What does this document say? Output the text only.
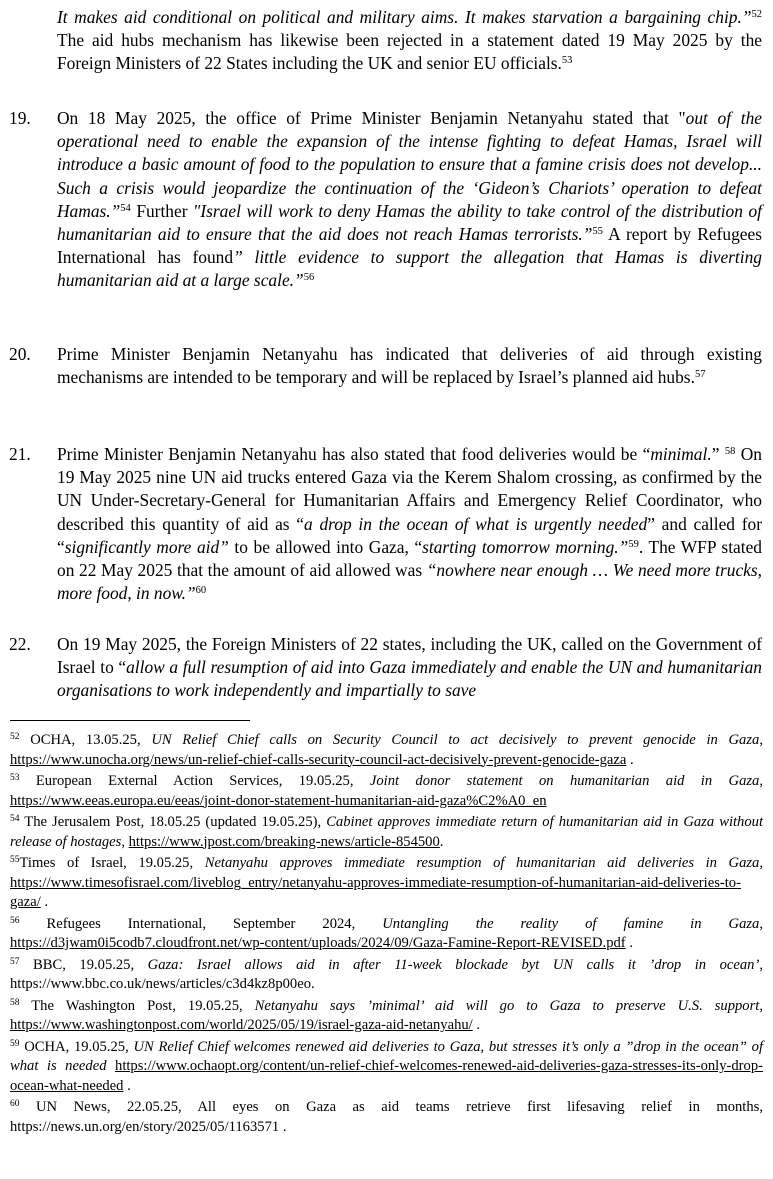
It makes aid conditional on political and military aims. It makes starvation a bargaining chip.”$^{52}$ The aid hubs mechanism has likewise been rejected in a statement dated 19 May 2025 by the Foreign Ministers of 22 States including the UK and senior EU officials.$^{53}$
19. On 18 May 2025, the office of Prime Minister Benjamin Netanyahu stated that "out of the operational need to enable the expansion of the intense fighting to defeat Hamas, Israel will introduce a basic amount of food to the population to ensure that a famine crisis does not develop... Such a crisis would jeopardize the continuation of the ‘Gideon’s Chariots’ operation to defeat Hamas.”$^{54}$ Further "Israel will work to deny Hamas the ability to take control of the distribution of humanitarian aid to ensure that the aid does not reach Hamas terrorists.”$^{55}$ A report by Refugees International has found” little evidence to support the allegation that Hamas is diverting humanitarian aid at a large scale.”$^{56}$
20. Prime Minister Benjamin Netanyahu has indicated that deliveries of aid through existing mechanisms are intended to be temporary and will be replaced by Israel’s planned aid hubs.$^{57}$
21. Prime Minister Benjamin Netanyahu has also stated that food deliveries would be “minimal.” $^{58}$ On 19 May 2025 nine UN aid trucks entered Gaza via the Kerem Shalom crossing, as confirmed by the UN Under-Secretary-General for Humanitarian Affairs and Emergency Relief Coordinator, who described this quantity of aid as “a drop in the ocean of what is urgently needed” and called for “significantly more aid” to be allowed into Gaza, “starting tomorrow morning.”$^{59}$. The WFP stated on 22 May 2025 that the amount of aid allowed was “nowhere near enough … We need more trucks, more food, in now.”$^{60}$
22. On 19 May 2025, the Foreign Ministers of 22 states, including the UK, called on the Government of Israel to “allow a full resumption of aid into Gaza immediately and enable the UN and humanitarian organisations to work independently and impartially to save
$^{52}$ OCHA, 13.05.25, UN Relief Chief calls on Security Council to act decisively to prevent genocide in Gaza, https://www.unocha.org/news/un-relief-chief-calls-security-council-act-decisively-prevent-genocide-gaza .
$^{53}$ European External Action Services, 19.05.25, Joint donor statement on humanitarian aid in Gaza, https://www.eeas.europa.eu/eeas/joint-donor-statement-humanitarian-aid-gaza%C2%A0_en
$^{54}$ The Jerusalem Post, 18.05.25 (updated 19.05.25), Cabinet approves immediate return of humanitarian aid in Gaza without release of hostages, https://www.jpost.com/breaking-news/article-854500.
$^{55}$Times of Israel, 19.05.25, Netanyahu approves immediate resumption of humanitarian aid deliveries in Gaza, https://www.timesofisrael.com/liveblog_entry/netanyahu-approves-immediate-resumption-of-humanitarian-aid-deliveries-to-gaza/ .
$^{56}$ Refugees International, September 2024, Untangling the reality of famine in Gaza, https://d3jwam0i5codb7.cloudfront.net/wp-content/uploads/2024/09/Gaza-Famine-Report-REVISED.pdf .
$^{57}$ BBC, 19.05.25, Gaza: Israel allows aid in after 11-week blockade byt UN calls it ’drop in ocean’, https://www.bbc.co.uk/news/articles/c3d4kz8p00eo.
$^{58}$ The Washington Post, 19.05.25, Netanyahu says ’minimal’ aid will go to Gaza to preserve U.S. support, https://www.washingtonpost.com/world/2025/05/19/israel-gaza-aid-netanyahu/ .
$^{59}$ OCHA, 19.05.25, UN Relief Chief welcomes renewed aid deliveries to Gaza, but stresses it’s only a ”drop in the ocean” of what is needed https://www.ochaopt.org/content/un-relief-chief-welcomes-renewed-aid-deliveries-gaza-stresses-its-only-drop-ocean-what-needed .
$^{60}$ UN News, 22.05.25, All eyes on Gaza as aid teams retrieve first lifesaving relief in months, https://news.un.org/en/story/2025/05/1163571 .
